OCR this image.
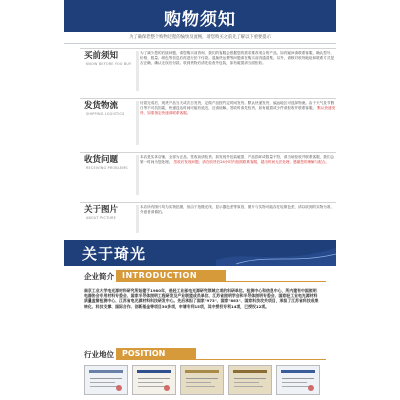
购物须知
为了确保您整个购物过程的愉快及流畅，请您购买之前先了解以下重要提示
买前须知
KNOW BEFORE YOU BUY
为了减少您的后续问题，请您购买前咨询，我们的客服会根据您的需求推荐适合的产品，如有疑问请联系客服，确认型号、价格、数量、颜色等信息后再进行拍下付款。退换货运费等问题请在购买前沟通清楚。另外，请核对收货地址和联系方式是否正确，确认无误后付款。收到货物后请先检查外包装，如有破损请当面拒收。
发货物流
SHIPPING LOGISTICS
付款完成后，现货产品当天或次日发货，定做产品按约定时间发货。默认快递发货，偏远地区可选择物流。由于天气及节假日等不可抗因素，快递送达时间可能有延迟，还请谅解。签收时请先验货，如有破损或少件请拒收并联系客服。 默认快递发货，如需指定快递请联系客服。
收货问题
RECEIVING PROBLEMS
本店是实体店铺，全部为正品，签收前请验货，如发现外包装破损、产品损坏或数量不符，请当场拒收并联系客服，我们会第一时间为您处理。 签收后发现问题，请在收货后24小时内拍照联系客服，超出时间无法处理，感谢您的理解与配合。
关于图片
ABOUT PICTURE
本店所有图片均为实物拍摄，但由于拍摄光线、显示器色差等原因，图片与实物可能存在轻微色差，请以收到的实物为准，介意者请慎拍。
关于琦光
企业简介 INTRODUCTION
南京工业大学电光源材料研究所始建于1980年，是轻工业部电光源研究领域立项的科研单位。检测中心和信息中心，所内建有中国照明电器协会专用材料专委会、国家半导体照明工程研发及产业联盟成员单位、江苏省照明学会和半导体照明专委会、国家轻工业电光源材料质量监督检测中心、江苏省电光源材料科技研发中心。先后承担了国家"973"、国家"863"、国家科技攻关项目，承担了江苏省科技成果转化、科技支撑、国际合作、创新基金等项目30多项，申请专利15项，其中授权专利14项，已授权12项。
行业地位 POSITION
